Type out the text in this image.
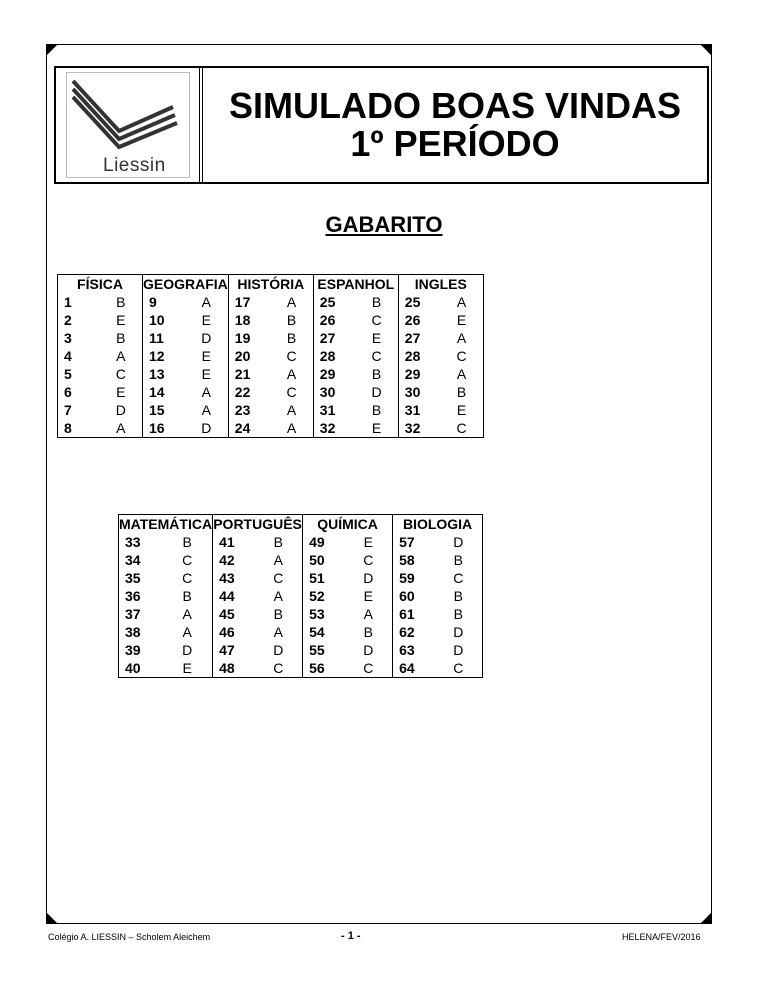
Liessin
SIMULADO BOAS VINDAS
1º PERÍODO
GABARITO
FÍSICA		GEOGRAFIA		HISTÓRIA		ESPANHOL		INGLES	
1	B	9	A	17	A	25	B	25	A
2	E	10	E	18	B	26	C	26	E
3	B	11	D	19	B	27	E	27	A
4	A	12	E	20	C	28	C	28	C
5	C	13	E	21	A	29	B	29	A
6	E	14	A	22	C	30	D	30	B
7	D	15	A	23	A	31	B	31	E
8	A	16	D	24	A	32	E	32	C
MATEMÁTICA		PORTUGUÊS		QUÍMICA		BIOLOGIA	
33	B	41	B	49	E	57	D
34	C	42	A	50	C	58	B
35	C	43	C	51	D	59	C
36	B	44	A	52	E	60	B
37	A	45	B	53	A	61	B
38	A	46	A	54	B	62	D
39	D	47	D	55	D	63	D
40	E	48	C	56	C	64	C
Colégio A. LIESSIN – Scholem Aleichem	- 1 -	HELENA/FEV/2016
